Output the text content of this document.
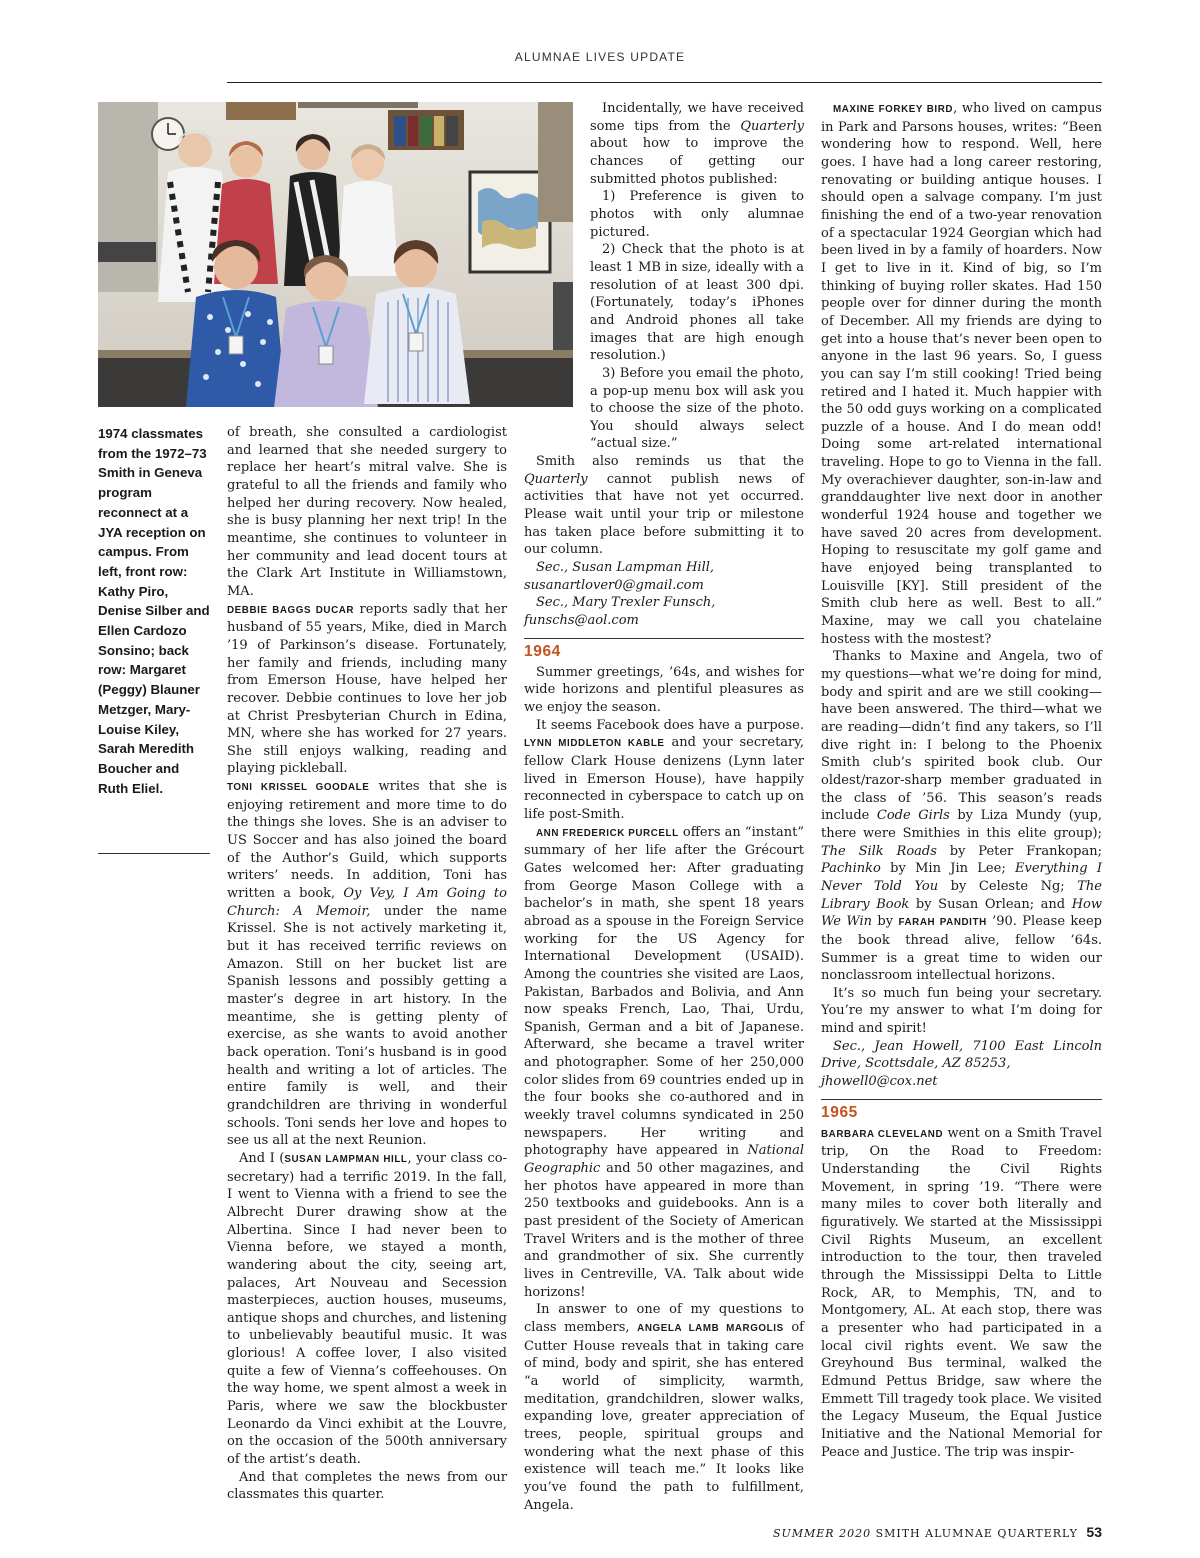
ALUMNAE LIVES UPDATE
1974 classmates from the 1972–73 Smith in Geneva program reconnect at a JYA reception on campus. From left, front row: Kathy Piro, Denise Silber and Ellen Cardozo Sonsino; back row: Margaret (Peggy) Blauner Metzger, Mary-Louise Kiley, Sarah Meredith Boucher and Ruth Eliel.

of breath, she consulted a cardiologist and learned that she needed surgery to replace her heart’s mitral valve. She is grateful to all the friends and family who helped her during recovery. Now healed, she is busy planning her next trip! In the meantime, she continues to volunteer in her community and lead docent tours at the Clark Art Institute in Williamstown, MA.

DEBBIE BAGGS DUCAR reports sadly that her husband of 55 years, Mike, died in March ’19 of Parkinson’s disease. Fortunately, her family and friends, including many from Emerson House, have helped her recover. Debbie continues to love her job at Christ Presbyterian Church in Edina, MN, where she has worked for 27 years. She still enjoys walking, reading and playing pickleball.

TONI KRISSEL GOODALE writes that she is enjoying retirement and more time to do the things she loves. She is an adviser to US Soccer and has also joined the board of the Author’s Guild, which supports writers’ needs. In addition, Toni has written a book, Oy Vey, I Am Going to Church: A Memoir, under the name Krissel. She is not actively marketing it, but it has received terrific reviews on Amazon. Still on her bucket list are Spanish lessons and possibly getting a master’s degree in art history. In the meantime, she is getting plenty of exercise, as she wants to avoid another back operation. Toni’s husband is in good health and writing a lot of articles. The entire family is well, and their grandchildren are thriving in wonderful schools. Toni sends her love and hopes to see us all at the next Reunion.

And I (SUSAN LAMPMAN HILL, your class co-secretary) had a terrific 2019. In the fall, I went to Vienna with a friend to see the Albrecht Durer drawing show at the Albertina. Since I had never been to Vienna before, we stayed a month, wandering about the city, seeing art, palaces, Art Nouveau and Secession masterpieces, auction houses, museums, antique shops and churches, and listening to unbelievably beautiful music. It was glorious! A coffee lover, I also visited quite a few of Vienna’s coffeehouses. On the way home, we spent almost a week in Paris, where we saw the blockbuster Leonardo da Vinci exhibit at the Louvre, on the occasion of the 500th anniversary of the artist’s death.

And that completes the news from our classmates this quarter.

Incidentally, we have received some tips from the Quarterly about how to improve the chances of getting our submitted photos published:

1) Preference is given to photos with only alumnae pictured.

2) Check that the photo is at least 1 MB in size, ideally with a resolution of at least 300 dpi. (Fortunately, today’s iPhones and Android phones all take images that are high enough resolution.)

3) Before you email the photo, a pop-up menu box will ask you to choose the size of the photo. You should always select “actual size.”

Smith also reminds us that the Quarterly cannot publish news of activities that have not yet occurred. Please wait until your trip or milestone has taken place before submitting it to our column.

Sec., Susan Lampman Hill,

susanartlover0@gmail.com

Sec., Mary Trexler Funsch,

funschs@aol.com

1964

Summer greetings, ’64s, and wishes for wide horizons and plentiful pleasures as we enjoy the season.

It seems Facebook does have a purpose. LYNN MIDDLETON KABLE and your secretary, fellow Clark House denizens (Lynn later lived in Emerson House), have happily reconnected in cyberspace to catch up on life post-Smith.

ANN FREDERICK PURCELL offers an “instant” summary of her life after the Grécourt Gates welcomed her: After graduating from George Mason College with a bachelor’s in math, she spent 18 years abroad as a spouse in the Foreign Service working for the US Agency for International Development (USAID). Among the countries she visited are Laos, Pakistan, Barbados and Bolivia, and Ann now speaks French, Lao, Thai, Urdu, Spanish, German and a bit of Japanese. Afterward, she became a travel writer and photographer. Some of her 250,000 color slides from 69 countries ended up in the four books she co-authored and in weekly travel columns syndicated in 250 newspapers. Her writing and photography have appeared in National Geographic and 50 other magazines, and her photos have appeared in more than 250 textbooks and guidebooks. Ann is a past president of the Society of American Travel Writers and is the mother of three and grandmother of six. She currently lives in Centreville, VA. Talk about wide horizons!

In answer to one of my questions to class members, ANGELA LAMB MARGOLIS of Cutter House reveals that in taking care of mind, body and spirit, she has entered “a world of simplicity, warmth, meditation, grandchildren, slower walks, expanding love, greater appreciation of trees, people, spiritual groups and wondering what the next phase of this existence will teach me.” It looks like you’ve found the path to fulfillment, Angela.

MAXINE FORKEY BIRD, who lived on campus in Park and Parsons houses, writes: “Been wondering how to respond. Well, here goes. I have had a long career restoring, renovating or building antique houses. I should open a salvage company. I’m just finishing the end of a two-year renovation of a spectacular 1924 Georgian which had been lived in by a family of hoarders. Now I get to live in it. Kind of big, so I’m thinking of buying roller skates. Had 150 people over for dinner during the month of December. All my friends are dying to get into a house that’s never been open to anyone in the last 96 years. So, I guess you can say I’m still cooking! Tried being retired and I hated it. Much happier with the 50 odd guys working on a complicated puzzle of a house. And I do mean odd! Doing some art-related international traveling. Hope to go to Vienna in the fall. My overachiever daughter, son-in-law and granddaughter live next door in another wonderful 1924 house and together we have saved 20 acres from development. Hoping to resuscitate my golf game and have enjoyed being transplanted to Louisville [KY]. Still president of the Smith club here as well. Best to all.” Maxine, may we call you chatelaine hostess with the mostest?

Thanks to Maxine and Angela, two of my questions—what we’re doing for mind, body and spirit and are we still cooking—have been answered. The third—what we are reading—didn’t find any takers, so I’ll dive right in: I belong to the Phoenix Smith club’s spirited book club. Our oldest/razor-sharp member graduated in the class of ’56. This season’s reads include Code Girls by Liza Mundy (yup, there were Smithies in this elite group); The Silk Roads by Peter Frankopan; Pachinko by Min Jin Lee; Everything I Never Told You by Celeste Ng; The Library Book by Susan Orlean; and How We Win by FARAH PANDITH ’90. Please keep the book thread alive, fellow ’64s. Summer is a great time to widen our nonclassroom intellectual horizons.

It’s so much fun being your secretary. You’re my answer to what I’m doing for mind and spirit!

Sec., Jean Howell, 7100 East Lincoln Drive, Scottsdale, AZ 85253,

jhowell0@cox.net

1965

BARBARA CLEVELAND went on a Smith Travel trip, On the Road to Freedom: Understanding the Civil Rights Movement, in spring ’19. “There were many miles to cover both literally and figuratively. We started at the Mississippi Civil Rights Museum, an excellent introduction to the tour, then traveled through the Mississippi Delta to Little Rock, AR, to Memphis, TN, and to Montgomery, AL. At each stop, there was a presenter who had participated in a local civil rights event. We saw the Greyhound Bus terminal, walked the Edmund Pettus Bridge, saw where the Emmett Till tragedy took place. We visited the Legacy Museum, the Equal Justice Initiative and the National Memorial for Peace and Justice. The trip was inspir-

SUMMER 2020 SMITH ALUMNAE QUARTERLY 53
